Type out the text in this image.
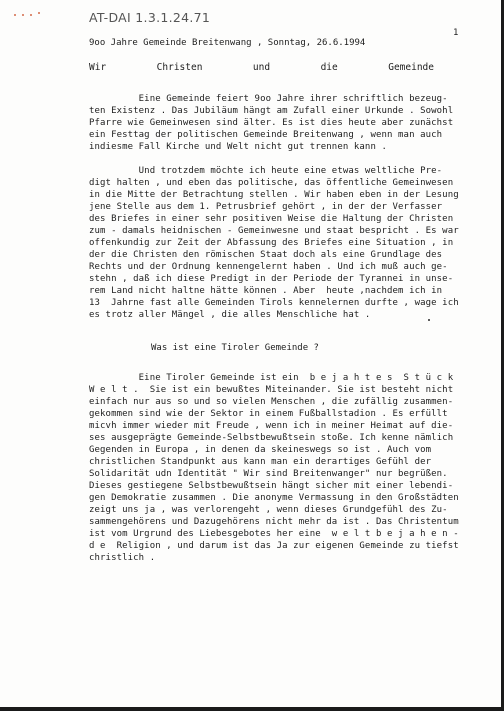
AT-DAI 1.3.1.24.71
1
9oo Jahre Gemeinde Breitenwang , Sonntag, 26.6.1994
Wir	Christen	und	die	Gemeinde
Eine Gemeinde feiert 9oo Jahre ihrer schriftlich bezeug-
ten Existenz . Das Jubiläum hängt am Zufall einer Urkunde . Sowohl
Pfarre wie Gemeinwesen sind älter. Es ist dies heute aber zunächst
ein Festtag der politischen Gemeinde Breitenwang , wenn man auch
indiesme Fall Kirche und Welt nicht gut trennen kann .
Und trotzdem möchte ich heute eine etwas weltliche Pre-
digt halten , und eben das politische, das öffentliche Gemeinwesen
in die Mitte der Betrachtung stellen . Wir haben eben in der Lesung
jene Stelle aus dem 1. Petrusbrief gehört , in der der Verfasser
des Briefes in einer sehr positiven Weise die Haltung der Christen
zum - damals heidnischen - Gemeinwesne und staat bespricht . Es war
offenkundig zur Zeit der Abfassung des Briefes eine Situation , in
der die Christen den römischen Staat doch als eine Grundlage des
Rechts und der Ordnung kennengelernt haben . Und ich muß auch ge-
stehn , daß ich diese Predigt in der Periode der Tyrannei in unse-
rem Land nicht haltne hätte können . Aber  heute ,nachdem ich in
13  Jahrne fast alle Gemeinden Tirols kennelernen durfte , wage ich
es trotz aller Mängel , die alles Menschliche hat .
Was ist eine Tiroler Gemeinde ?
Eine Tiroler Gemeinde ist ein  b e j a h t e s  S t ü c k
W e l t .  Sie ist ein bewußtes Miteinander. Sie ist besteht nicht
einfach nur aus so und so vielen Menschen , die zufällig zusammen-
gekommen sind wie der Sektor in einem Fußballstadion . Es erfüllt
micvh immer wieder mit Freude , wenn ich in meiner Heimat auf die-
ses ausgeprägte Gemeinde-Selbstbewußtsein stoße. Ich kenne nämlich
Gegenden in Europa , in denen da skeineswegs so ist . Auch vom
christlichen Standpunkt aus kann man ein derartiges Gefühl der
Solidarität udn Identität " Wir sind Breitenwanger" nur begrüßen.
Dieses gestiegene Selbstbewußtsein hängt sicher mit einer lebendi-
gen Demokratie zusammen . Die anonyme Vermassung in den Großstädten
zeigt uns ja , was verlorengeht , wenn dieses Grundgefühl des Zu-
sammengehörens und Dazugehörens nicht mehr da ist . Das Christentum
ist vom Urgrund des Liebesgebotes her eine  w e l t b e j a h e n -
d e  Religion , und darum ist das Ja zur eigenen Gemeinde zu tiefst
christlich .
